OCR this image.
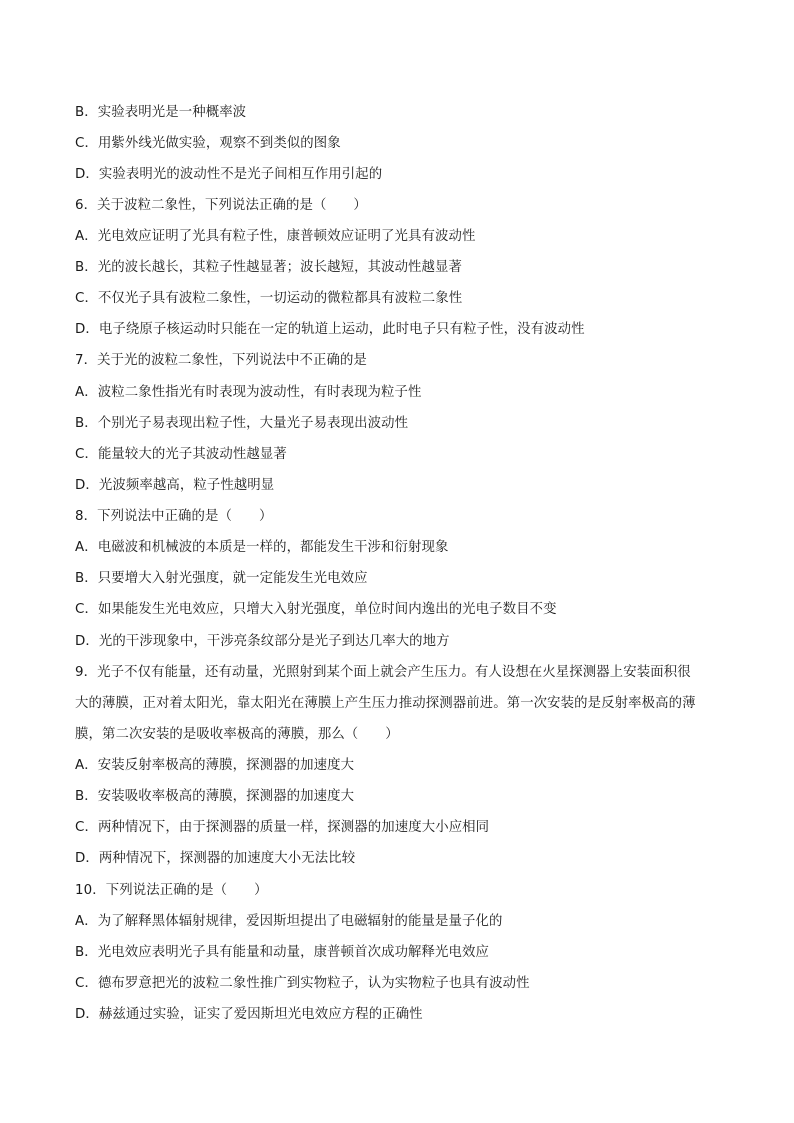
B．实验表明光是一种概率波
C．用紫外线光做实验，观察不到类似的图象
D．实验表明光的波动性不是光子间相互作用引起的
6．关于波粒二象性，下列说法正确的是（　　）
A．光电效应证明了光具有粒子性，康普顿效应证明了光具有波动性
B．光的波长越长，其粒子性越显著；波长越短，其波动性越显著
C．不仅光子具有波粒二象性，一切运动的微粒都具有波粒二象性
D．电子绕原子核运动时只能在一定的轨道上运动，此时电子只有粒子性，没有波动性
7．关于光的波粒二象性，下列说法中不正确的是
A．波粒二象性指光有时表现为波动性，有时表现为粒子性
B．个别光子易表现出粒子性，大量光子易表现出波动性
C．能量较大的光子其波动性越显著
D．光波频率越高，粒子性越明显
8．下列说法中正确的是（　　）
A．电磁波和机械波的本质是一样的，都能发生干涉和衍射现象
B．只要增大入射光强度，就一定能发生光电效应
C．如果能发生光电效应，只增大入射光强度，单位时间内逸出的光电子数目不变
D．光的干涉现象中，干涉亮条纹部分是光子到达几率大的地方
9．光子不仅有能量，还有动量，光照射到某个面上就会产生压力。有人设想在火星探测器上安装面积很
大的薄膜，正对着太阳光，靠太阳光在薄膜上产生压力推动探测器前进。第一次安装的是反射率极高的薄
膜，第二次安装的是吸收率极高的薄膜，那么（　　）
A．安装反射率极高的薄膜，探测器的加速度大
B．安装吸收率极高的薄膜，探测器的加速度大
C．两种情况下，由于探测器的质量一样，探测器的加速度大小应相同
D．两种情况下，探测器的加速度大小无法比较
10．下列说法正确的是（　　）
A．为了解释黑体辐射规律，爱因斯坦提出了电磁辐射的能量是量子化的
B．光电效应表明光子具有能量和动量，康普顿首次成功解释光电效应
C．德布罗意把光的波粒二象性推广到实物粒子，认为实物粒子也具有波动性
D．赫兹通过实验，证实了爱因斯坦光电效应方程的正确性
